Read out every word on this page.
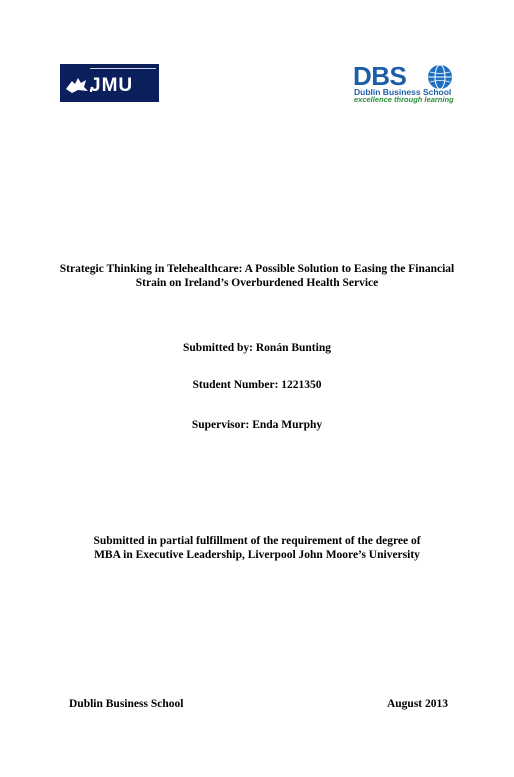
JMU	DBS
Dublin Business School
excellence through learning
Strategic Thinking in Telehealthcare: A Possible Solution to Easing the Financial
Strain on Ireland’s Overburdened Health Service
Submitted by: Ronán Bunting
Student Number: 1221350
Supervisor: Enda Murphy
Submitted in partial fulfillment of the requirement of the degree of
MBA in Executive Leadership, Liverpool John Moore’s University
Dublin Business School	August 2013
